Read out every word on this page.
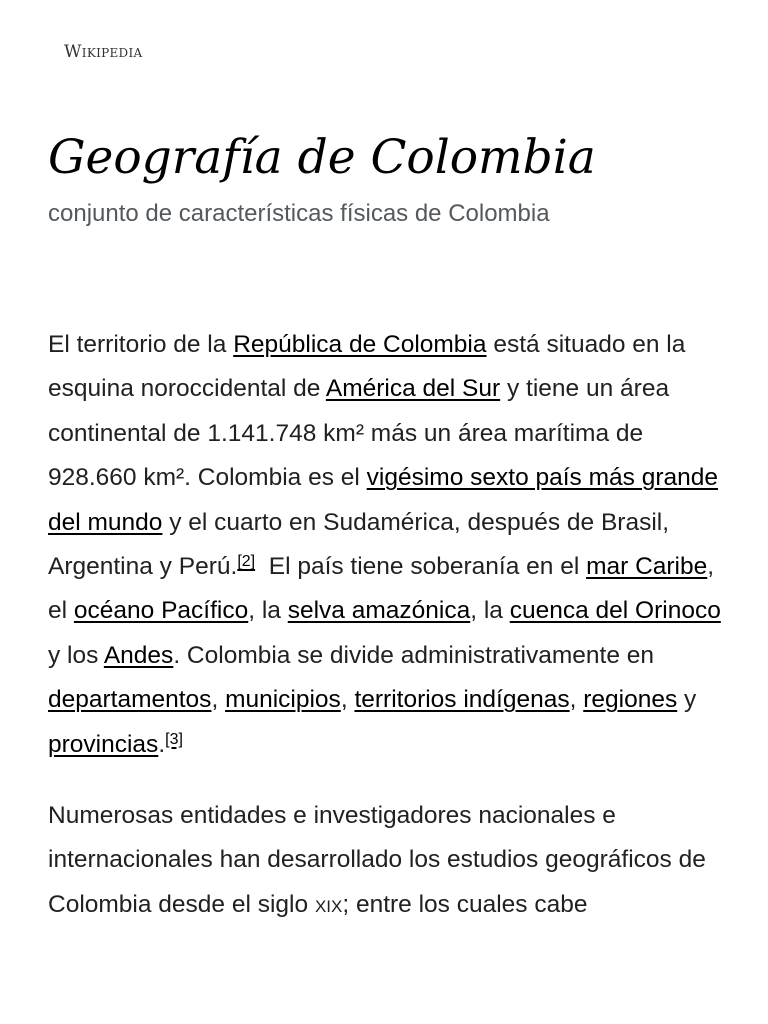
Wikipedia
Geografía de Colombia
conjunto de características físicas de Colombia

El territorio de la República de Colombia está situado en la esquina noroccidental de América del Sur y tiene un área continental de 1.141.748 km² más un área marítima de 928.660 km². Colombia es el vigésimo sexto país más grande del mundo y el cuarto en Sudamérica, después de Brasil, Argentina y Perú.[2]  El país tiene soberanía en el mar Caribe, el océano Pacífico, la selva amazónica, la cuenca del Orinoco y los Andes. Colombia se divide administrativamente en departamentos, municipios, territorios indígenas, regiones y provincias.[3]

Numerosas entidades e investigadores nacionales e internacionales han desarrollado los estudios geográficos de Colombia desde el siglo xix; entre los cuales cabe
